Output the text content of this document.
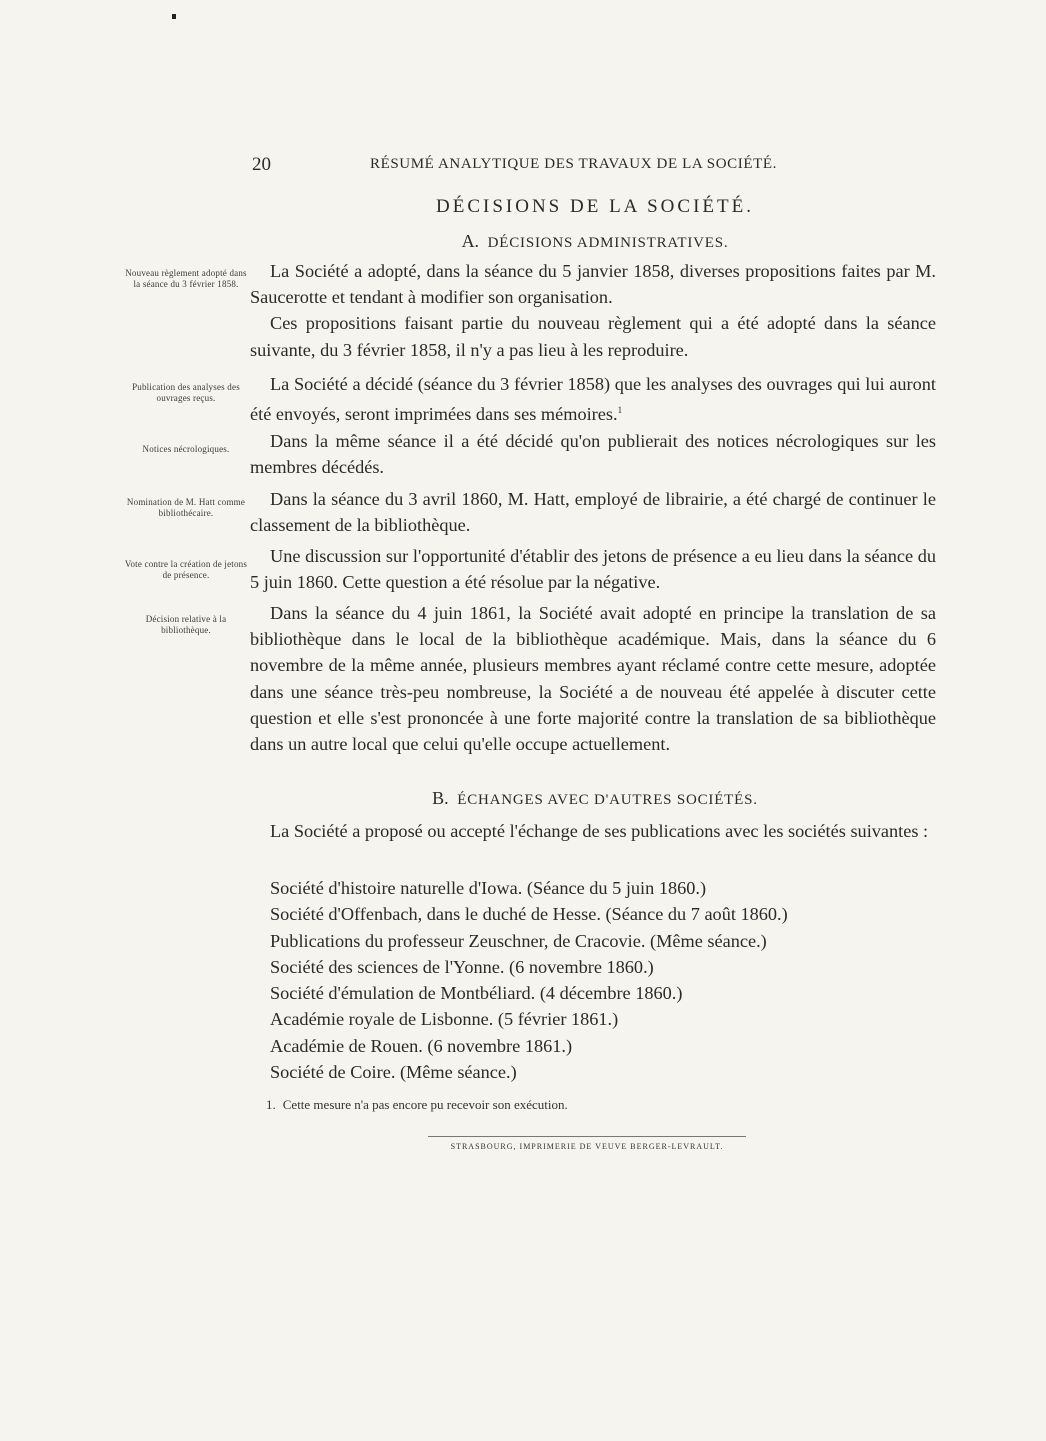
20	RÉSUMÉ ANALYTIQUE DES TRAVAUX DE LA SOCIÉTÉ.
DÉCISIONS DE LA SOCIÉTÉ.
A. DÉCISIONS ADMINISTRATIVES.
Nouveau règlement adopté dans la séance du 3 février 1858.
Publication des analyses des ouvrages reçus.
Notices nécrologiques.
Nomination de M. Hatt comme bibliothécaire.
Vote contre la création de jetons de présence.
Décision relative à la bibliothèque.

La Société a adopté, dans la séance du 5 janvier 1858, diverses propositions faites par M. Saucerotte et tendant à modifier son organisation.

Ces propositions faisant partie du nouveau règlement qui a été adopté dans la séance suivante, du 3 février 1858, il n'y a pas lieu à les reproduire.

La Société a décidé (séance du 3 février 1858) que les analyses des ouvrages qui lui auront été envoyés, seront imprimées dans ses mémoires.$^1$

Dans la même séance il a été décidé qu'on publierait des notices nécrologiques sur les membres décédés.

Dans la séance du 3 avril 1860, M. Hatt, employé de librairie, a été chargé de continuer le classement de la bibliothèque.

Une discussion sur l'opportunité d'établir des jetons de présence a eu lieu dans la séance du 5 juin 1860. Cette question a été résolue par la négative.

Dans la séance du 4 juin 1861, la Société avait adopté en principe la translation de sa bibliothèque dans le local de la bibliothèque académique. Mais, dans la séance du 6 novembre de la même année, plusieurs membres ayant réclamé contre cette mesure, adoptée dans une séance très-peu nombreuse, la Société a de nouveau été appelée à discuter cette question et elle s'est prononcée à une forte majorité contre la translation de sa bibliothèque dans un autre local que celui qu'elle occupe actuellement.

B. ÉCHANGES AVEC D'AUTRES SOCIÉTÉS.

La Société a proposé ou accepté l'échange de ses publications avec les sociétés suivantes :

Société d'histoire naturelle d'Iowa. (Séance du 5 juin 1860.)
Société d'Offenbach, dans le duché de Hesse. (Séance du 7 août 1860.)
Publications du professeur Zeuschner, de Cracovie. (Même séance.)
Société des sciences de l'Yonne. (6 novembre 1860.)
Société d'émulation de Montbéliard. (4 décembre 1860.)
Académie royale de Lisbonne. (5 février 1861.)
Académie de Rouen. (6 novembre 1861.)
Société de Coire. (Même séance.)
1. Cette mesure n'a pas encore pu recevoir son exécution.
STRASBOURG, IMPRIMERIE DE VEUVE BERGER-LEVRAULT.
